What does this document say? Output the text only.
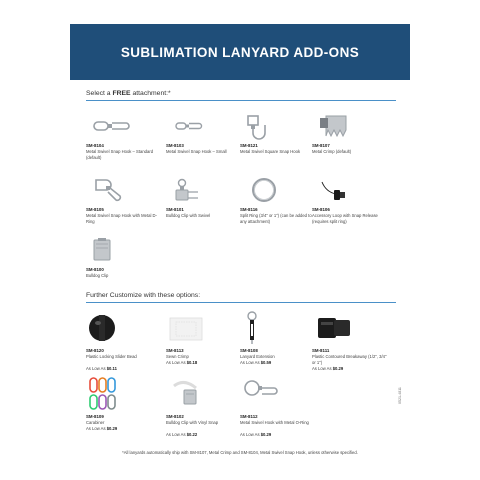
SUBLIMATION LANYARD ADD-ONS
Select a FREE attachment:*
SM-8104
Metal Swivel Snap Hook – Standard (default)
SM-8103
Metal Swivel Snap Hook – Small
SM-8121
Metal Swivel Square Snap Hook
SM-8107
Metal Crimp (default)
SM-8105
Metal Swivel Snap Hook with Metal D-Ring
SM-8101
Bulldog Clip with Swivel
SM-8116
Split Ring (3/4" or 1") (can be added to any attachment)
SM-8106
Accessory Loop with Snap Release (requires split ring)
SM-8100
Bulldog Clip
Further Customize with these options:
SM-8120
Plastic Locking Slider Bead
As Low As $0.11
SM-8113
Sewn Crimp
As Low As $0.18
SM-8108
Lanyard Extension
As Low As $0.59
SM-8111
Plastic Contoured Breakaway (1/2", 3/4" or 1")
As Low As $0.29
SM-8109
Carabiner
As Low As $0.29
SM-8102
Bulldog Clip with Vinyl Snap
As Low As $0.22
SM-8112
Metal Swivel Hook with Metal O-Ring
As Low As $0.29
0521-4811
*All lanyards automatically ship with SM-8107, Metal Crimp and SM-8104, Metal Swivel Snap Hook, unless otherwise specified.
